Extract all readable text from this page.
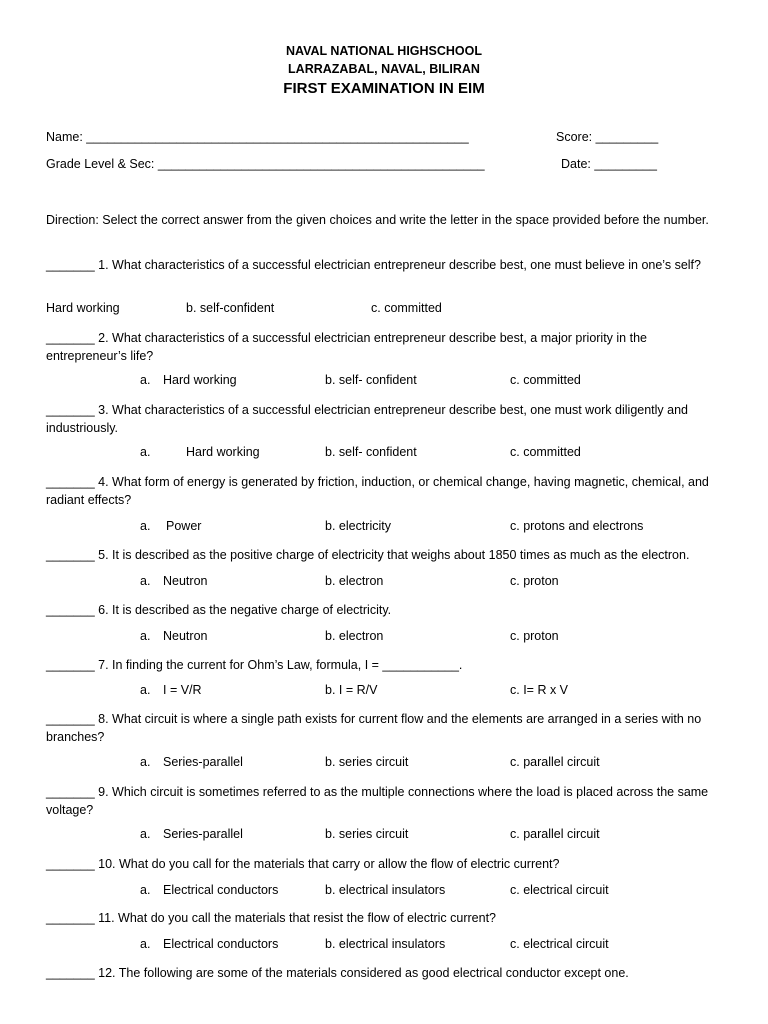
NAVAL NATIONAL HIGHSCHOOL
LARRAZABAL, NAVAL, BILIRAN
FIRST EXAMINATION IN EIM
Name: _______________________________________________________	Score: _________
Grade Level & Sec: _______________________________________________	Date: _________
Direction: Select the correct answer from the given choices and write the letter in the space provided before the number.
_______ 1. What characteristics of a successful electrician entrepreneur describe best, one must believe in one’s self?
Hard working	b. self-confident	c. committed
_______ 2. What characteristics of a successful electrician entrepreneur describe best, a major priority in the entrepreneur’s life?
a. Hard working	b. self- confident	c. committed
_______ 3. What characteristics of a successful electrician entrepreneur describe best, one must work diligently and industriously.
a.	Hard working	b. self- confident	c. committed
_______ 4. What form of energy is generated by friction, induction, or chemical change, having magnetic, chemical, and radiant effects?
a. Power	b. electricity	c. protons and electrons
_______ 5. It is described as the positive charge of electricity that weighs about 1850 times as much as the electron.
a. Neutron	b. electron	c. proton
_______ 6. It is described as the negative charge of electricity.
a. Neutron	b. electron	c. proton
_______ 7. In finding the current for Ohm’s Law, formula, I = ___________.
a. I = V/R	b. I = R/V	c. I= R x V
_______ 8. What circuit is where a single path exists for current flow and the elements are arranged in a series with no branches?
a. Series-parallel	b. series circuit	c. parallel circuit
_______ 9. Which circuit is sometimes referred to as the multiple connections where the load is placed across the same voltage?
a. Series-parallel	b. series circuit	c. parallel circuit
_______ 10. What do you call for the materials that carry or allow the flow of electric current?
a. Electrical conductors	b. electrical insulators	c. electrical circuit
_______ 11. What do you call the materials that resist the flow of electric current?
a. Electrical conductors	b. electrical insulators	c. electrical circuit
_______ 12. The following are some of the materials considered as good electrical conductor except one.
